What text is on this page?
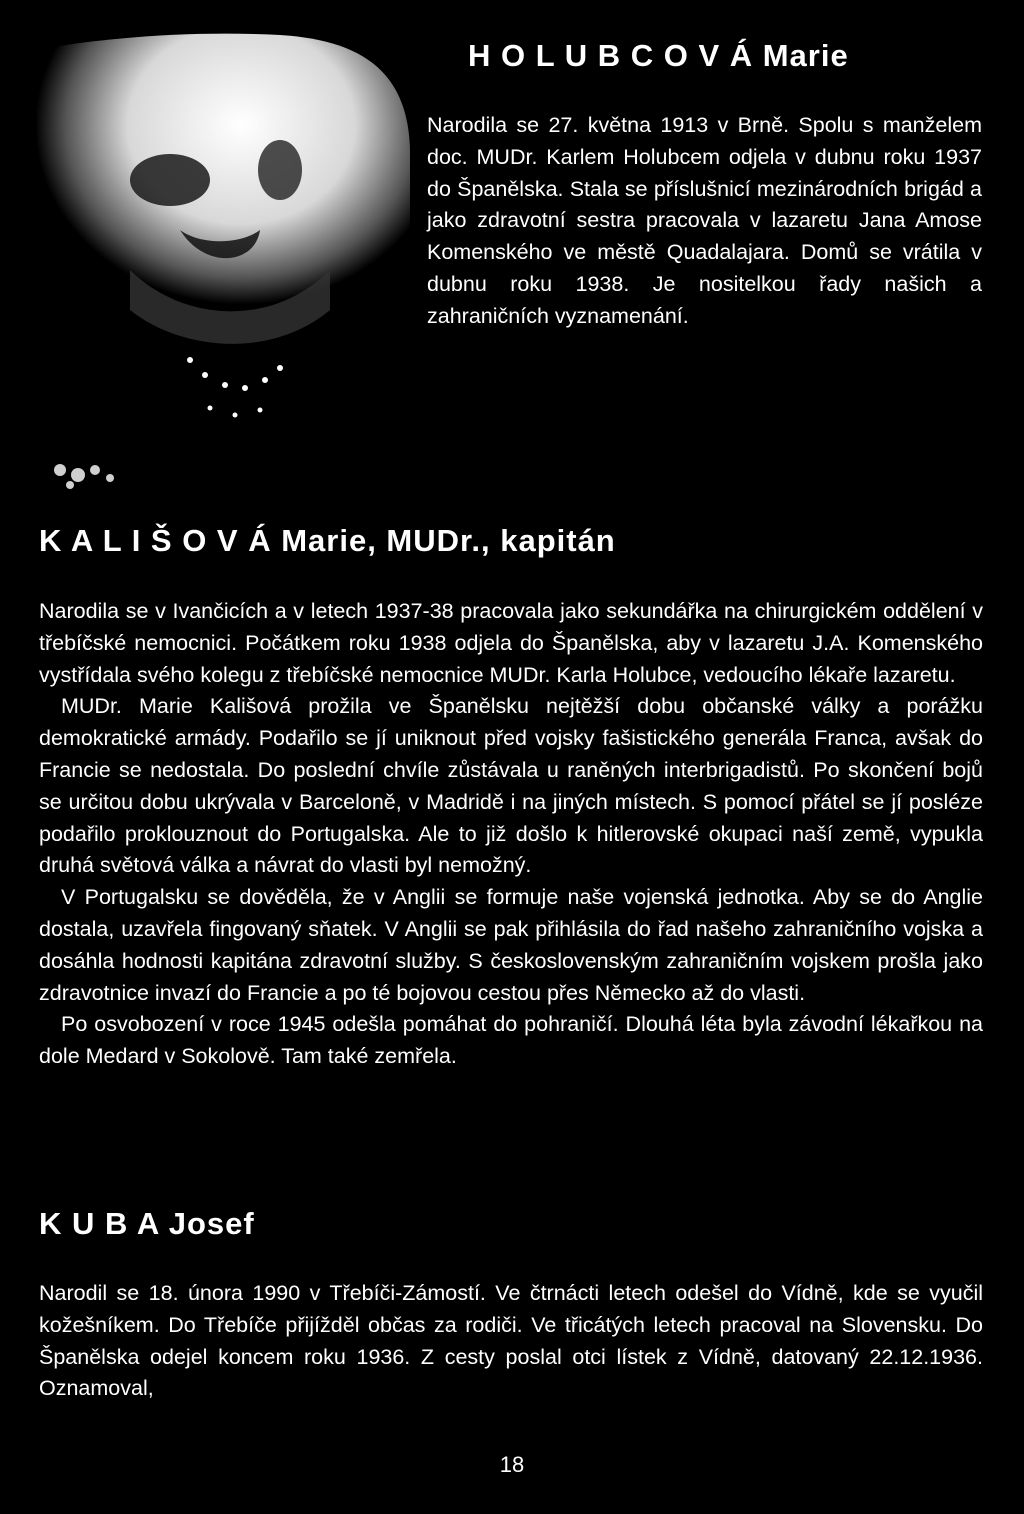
H O L U B C O V Á Marie

Narodila se 27. května 1913 v Brně. Spolu s manželem doc. MUDr. Karlem Holubcem odjela v dubnu roku 1937 do Španělska. Stala se příslušnicí mezinárodních brigád a jako zdravotní sestra pracovala v lazaretu Jana Amose Komenského ve městě Quadalajara. Domů se vrátila v dubnu roku 1938. Je nositelkou řady našich a zahraničních vyznamenání.

K A L I Š O V Á Marie, MUDr., kapitán

Narodila se v Ivančicích a v letech 1937-38 pracovala jako sekundářka na chirurgickém oddělení v třebíčské nemocnici. Počátkem roku 1938 odjela do Španělska, aby v lazaretu J.A. Komenského vystřídala svého kolegu z třebíčské nemocnice MUDr. Karla Holubce, vedoucího lékaře lazaretu.

MUDr. Marie Kališová prožila ve Španělsku nejtěžší dobu občanské války a porážku demokratické armády. Podařilo se jí uniknout před vojsky fašistického generála Franca, avšak do Francie se nedostala. Do poslední chvíle zůstávala u raněných interbrigadistů. Po skončení bojů se určitou dobu ukrývala v Barceloně, v Madridě i na jiných místech. S pomocí přátel se jí posléze podařilo proklouznout do Portugalska. Ale to již došlo k hitlerovské okupaci naší země, vypukla druhá světová válka a návrat do vlasti byl nemožný.

V Portugalsku se dověděla, že v Anglii se formuje naše vojenská jednotka. Aby se do Anglie dostala, uzavřela fingovaný sňatek. V Anglii se pak přihlásila do řad našeho zahraničního vojska a dosáhla hodnosti kapitána zdravotní služby. S československým zahraničním vojskem prošla jako zdravotnice invazí do Francie a po té bojovou cestou přes Německo až do vlasti.

Po osvobození v roce 1945 odešla pomáhat do pohraničí. Dlouhá léta byla závodní lékařkou na dole Medard v Sokolově. Tam také zemřela.

K U B A Josef

Narodil se 18. února 1990 v Třebíči-Zámostí. Ve čtrnácti letech odešel do Vídně, kde se vyučil kožešníkem. Do Třebíče přijížděl občas za rodiči. Ve třicátých letech pracoval na Slovensku. Do Španělska odejel koncem roku 1936. Z cesty poslal otci lístek z Vídně, datovaný 22.12.1936. Oznamoval,

18
